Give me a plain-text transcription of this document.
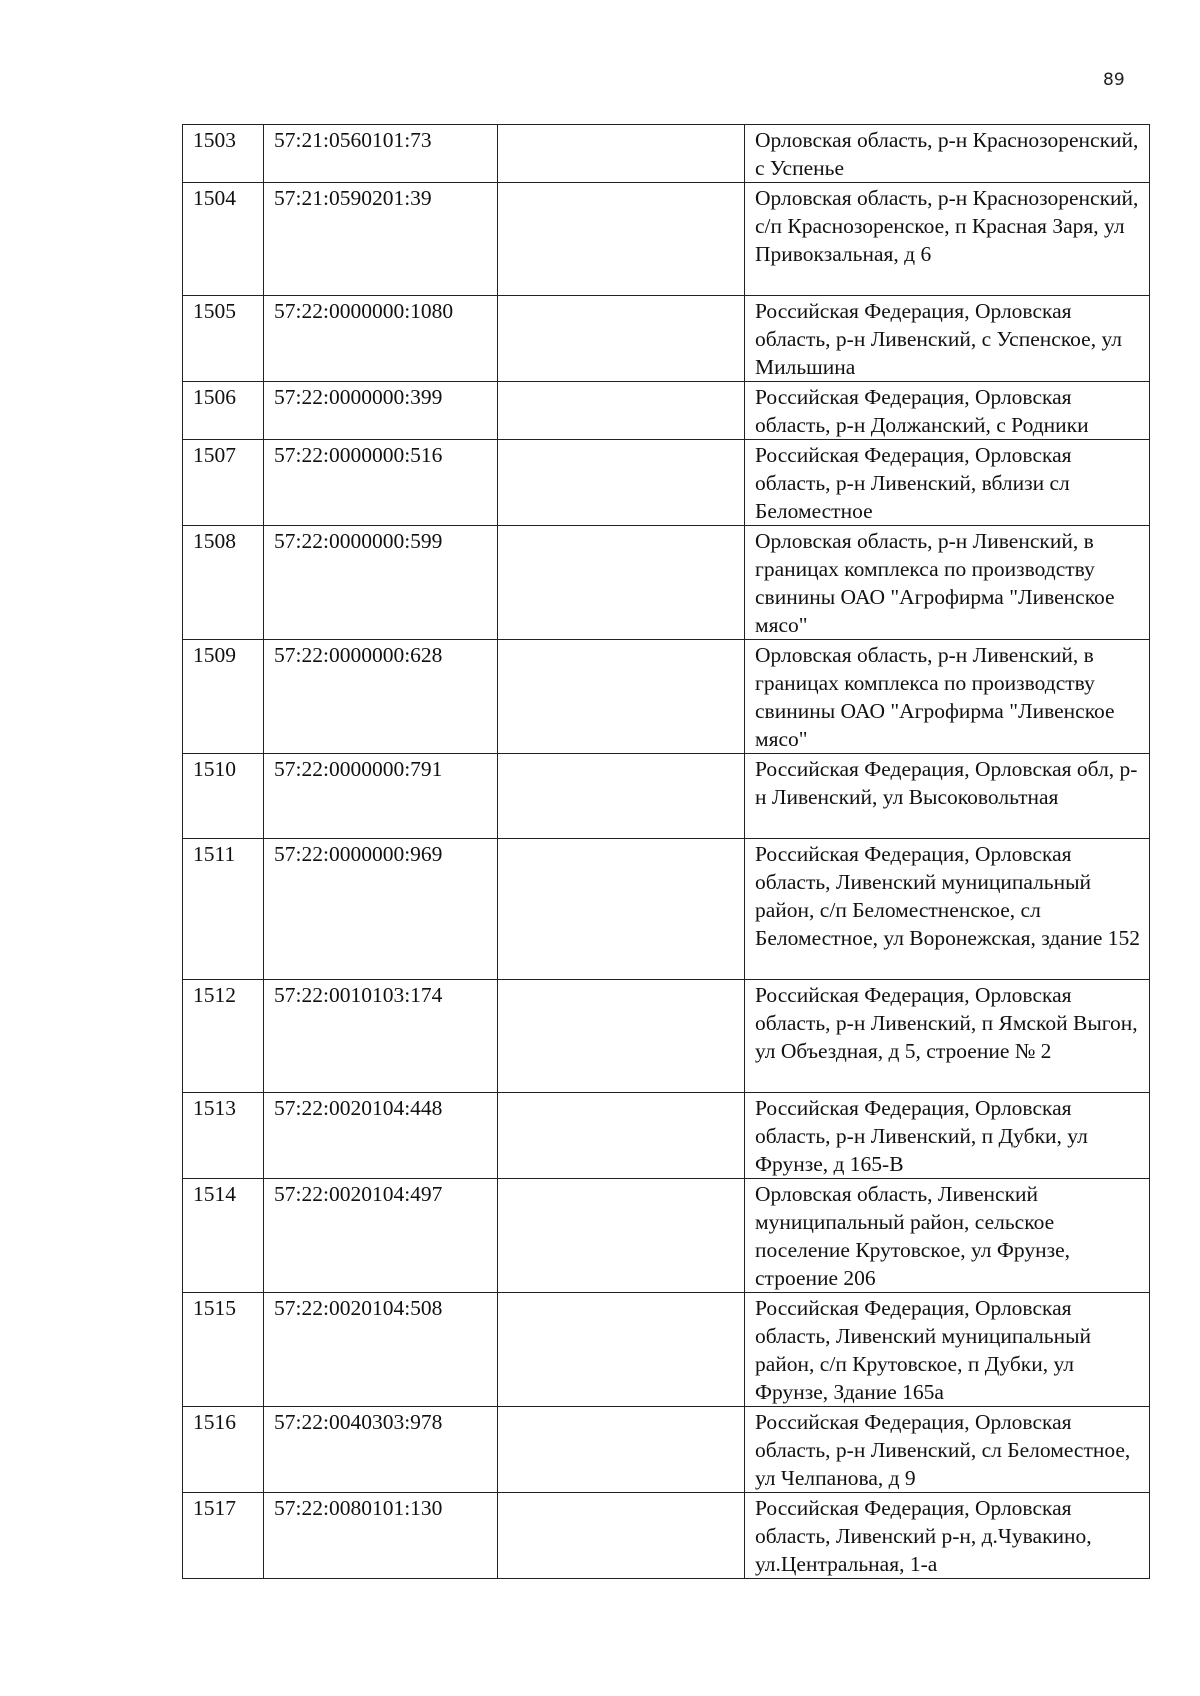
89
1503	57:21:0560101:73		Орловская область, р-н Краснозоренский, с Успенье
1504	57:21:0590201:39		Орловская область, р-н Краснозоренский, с/п Краснозоренское, п Красная Заря, ул Привокзальная, д 6
1505	57:22:0000000:1080		Российская Федерация, Орловская область, р-н Ливенский, с Успенское, ул Мильшина
1506	57:22:0000000:399		Российская Федерация, Орловская область, р-н Должанский, с Родники
1507	57:22:0000000:516		Российская Федерация, Орловская область, р-н Ливенский, вблизи сл Беломестное
1508	57:22:0000000:599		Орловская область, р-н Ливенский, в границах комплекса по производству свинины ОАО "Агрофирма "Ливенское мясо"
1509	57:22:0000000:628		Орловская область, р-н Ливенский, в границах комплекса по производству свинины ОАО "Агрофирма "Ливенское мясо"
1510	57:22:0000000:791		Российская Федерация, Орловская обл, р-н Ливенский, ул Высоковольтная
1511	57:22:0000000:969		Российская Федерация, Орловская область, Ливенский муниципальный район, с/п Беломестненское, сл Беломестное, ул Воронежская, здание 152
1512	57:22:0010103:174		Российская Федерация, Орловская область, р-н Ливенский, п Ямской Выгон, ул Объездная, д 5, строение № 2
1513	57:22:0020104:448		Российская Федерация, Орловская область, р-н Ливенский, п Дубки, ул Фрунзе, д 165-В
1514	57:22:0020104:497		Орловская область, Ливенский муниципальный район, сельское поселение Крутовское, ул Фрунзе, строение 206
1515	57:22:0020104:508		Российская Федерация, Орловская область, Ливенский муниципальный район, с/п Крутовское, п Дубки, ул Фрунзе, Здание 165а
1516	57:22:0040303:978		Российская Федерация, Орловская область, р-н Ливенский, сл Беломестное, ул Челпанова, д 9
1517	57:22:0080101:130		Российская Федерация, Орловская область, Ливенский р-н, д.Чувакино, ул.Центральная, 1-а
